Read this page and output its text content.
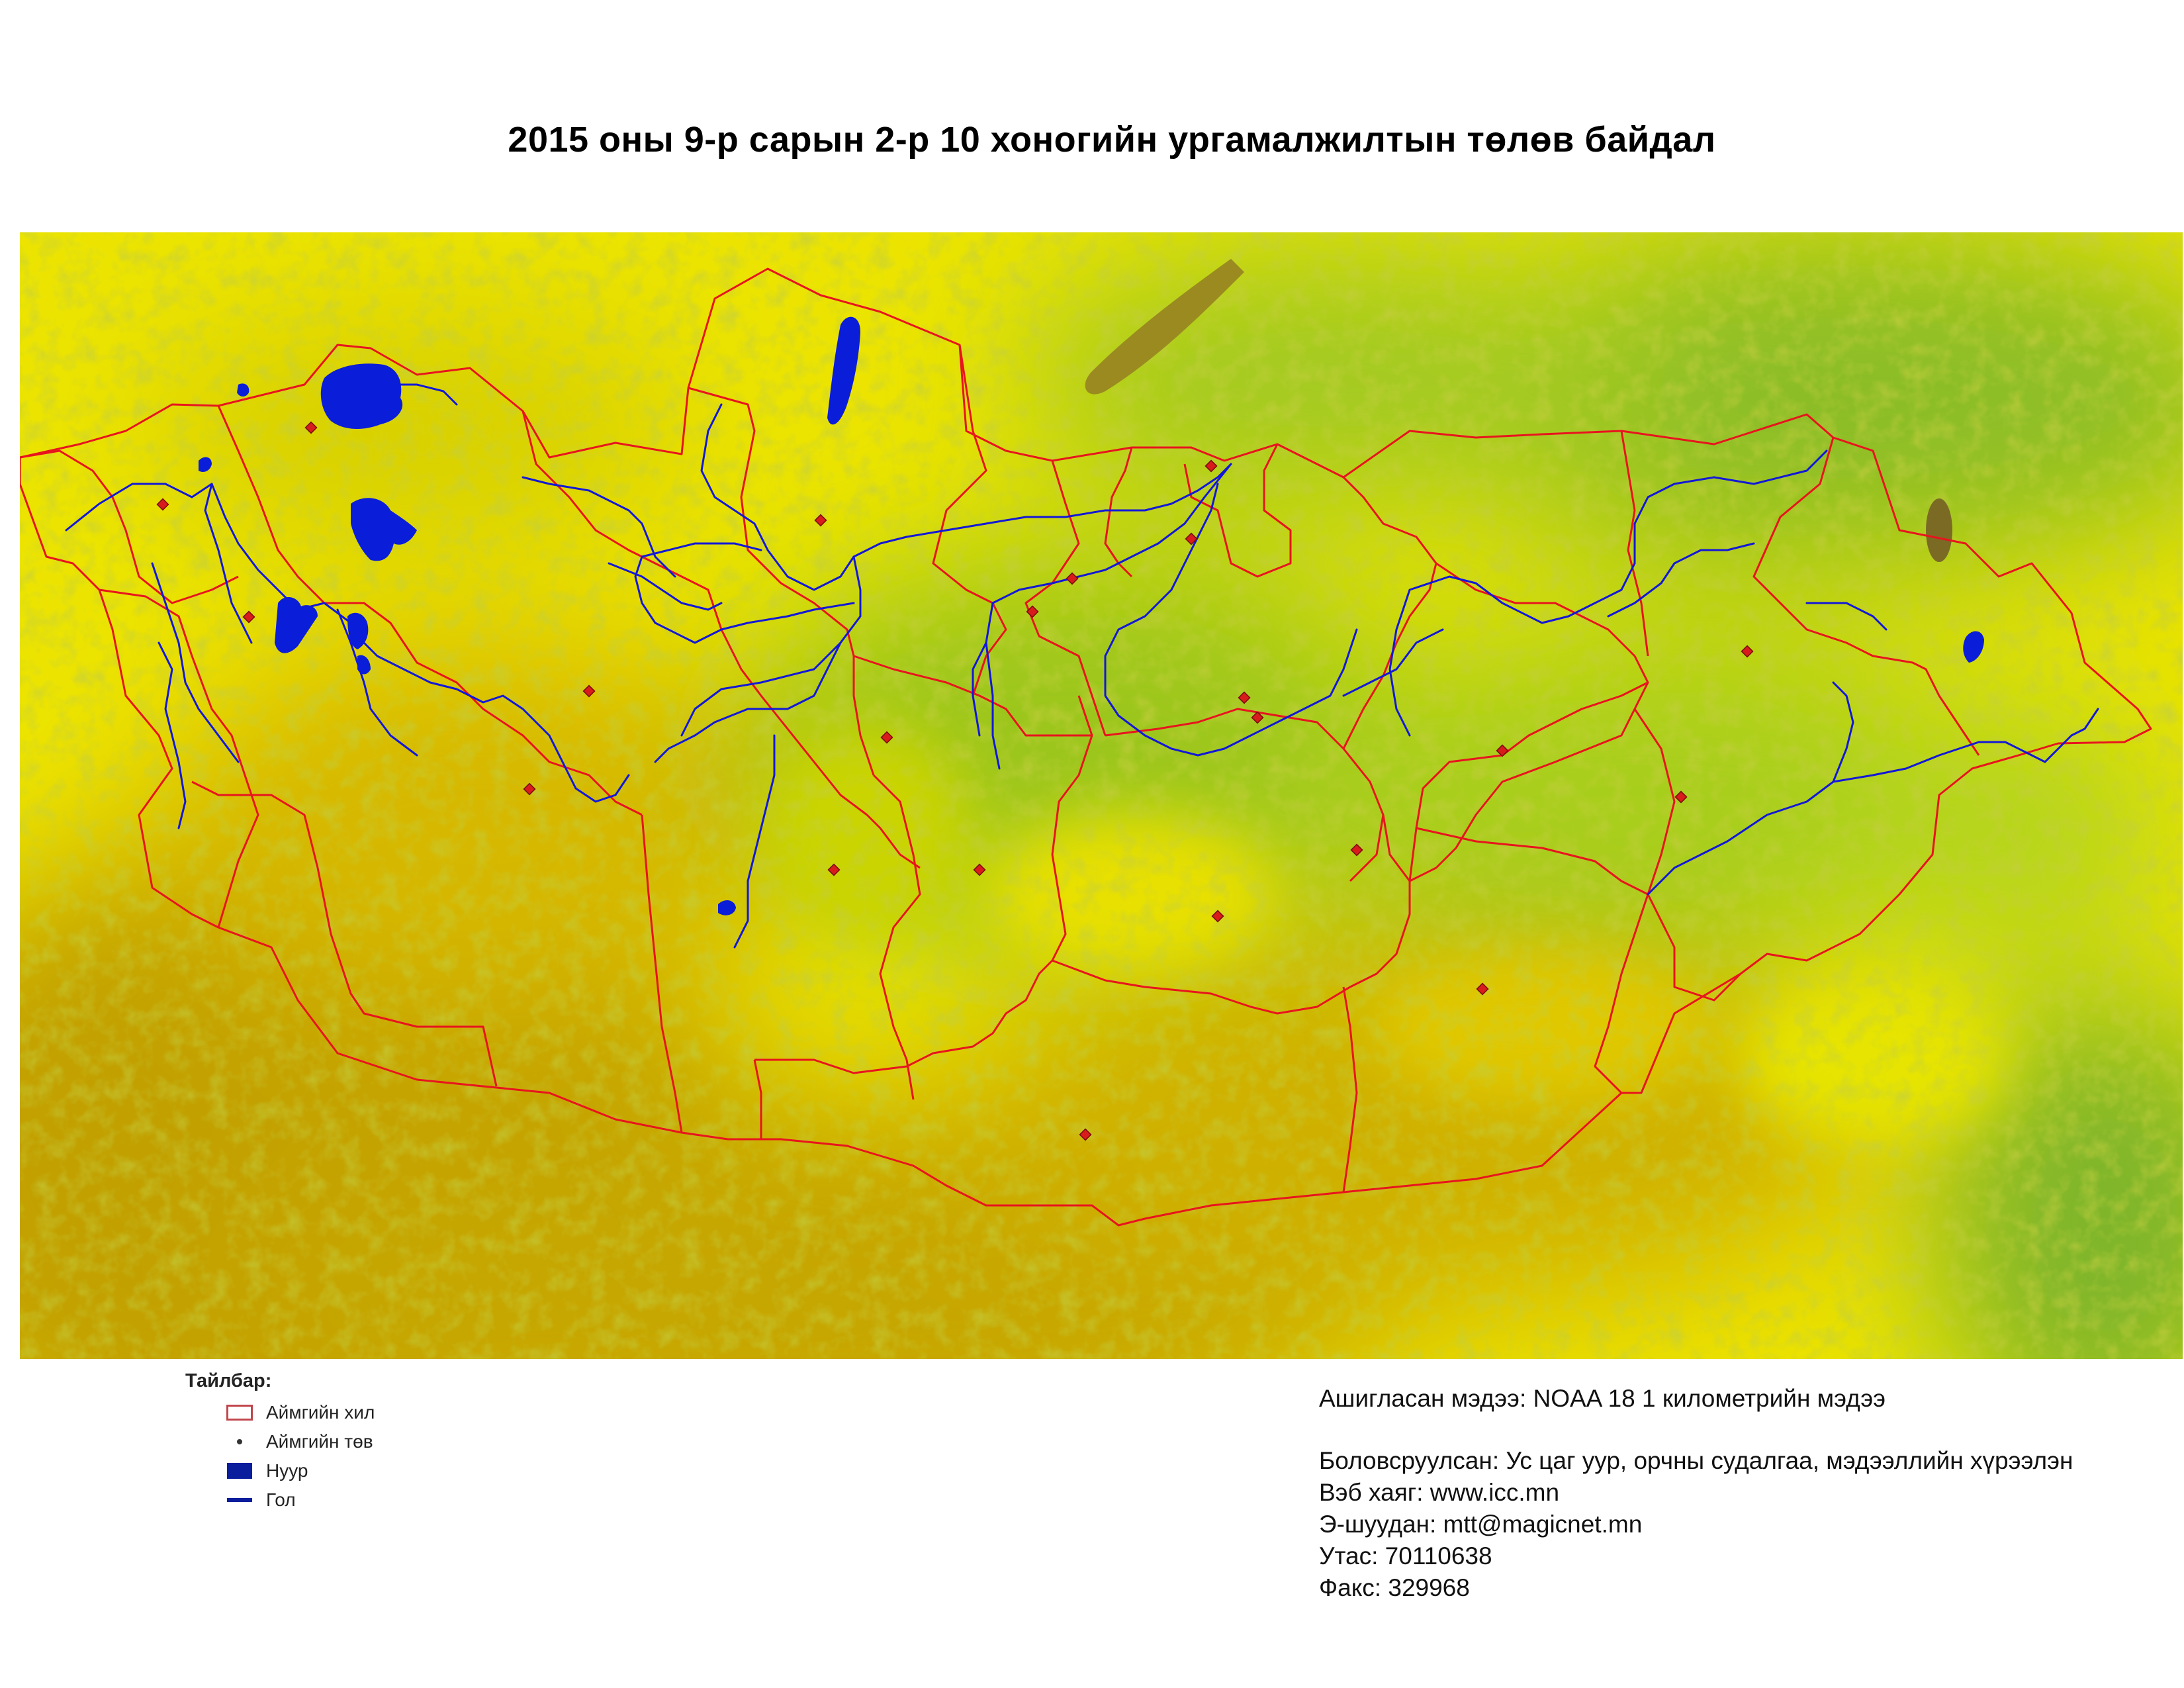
2015 оны 9-р сарын 2-р 10 хоногийн ургамалжилтын төлөв байдал
Тайлбар:
Аймгийн хил
Аймгийн төв
Нуур
Гол
Ашигласан мэдээ: NOAA 18 1 километрийн мэдээ
Боловсруулсан: Ус цаг уур, орчны судалгаа, мэдээллийн хүрээлэн
Вэб хаяг: www.icc.mn
Э-шуудан: mtt@magicnet.mn
Утас: 70110638
Факс: 329968
